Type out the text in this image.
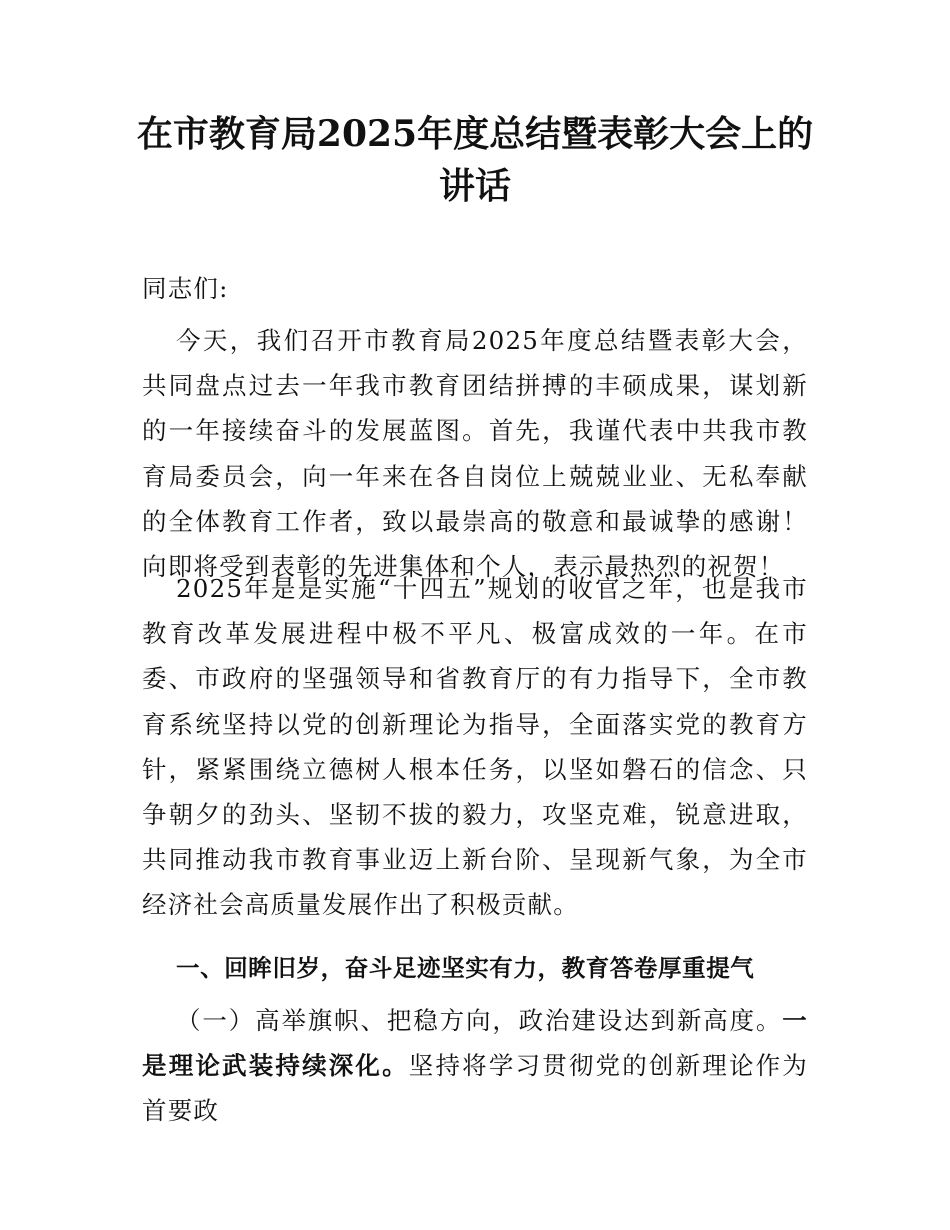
在市教育局2025年度总结暨表彰大会上的讲话

同志们:

今天，我们召开市教育局2025年度总结暨表彰大会，共同盘点过去一年我市教育团结拼搏的丰硕成果，谋划新的一年接续奋斗的发展蓝图。首先，我谨代表中共我市教育局委员会，向一年来在各自岗位上兢兢业业、无私奉献的全体教育工作者，致以最崇高的敬意和最诚挚的感谢！向即将受到表彰的先进集体和个人，表示最热烈的祝贺！

2025年是是实施“十四五”规划的收官之年，也是我市教育改革发展进程中极不平凡、极富成效的一年。在市委、市政府的坚强领导和省教育厅的有力指导下，全市教育系统坚持以党的创新理论为指导，全面落实党的教育方针，紧紧围绕立德树人根本任务，以坚如磐石的信念、只争朝夕的劲头、坚韧不拔的毅力，攻坚克难，锐意进取，共同推动我市教育事业迈上新台阶、呈现新气象，为全市经济社会高质量发展作出了积极贡献。

一、回眸旧岁，奋斗足迹坚实有力，教育答卷厚重提气

（一）高举旗帜、把稳方向，政治建设达到新高度。一是理论武装持续深化。坚持将学习贯彻党的创新理论作为首要政
